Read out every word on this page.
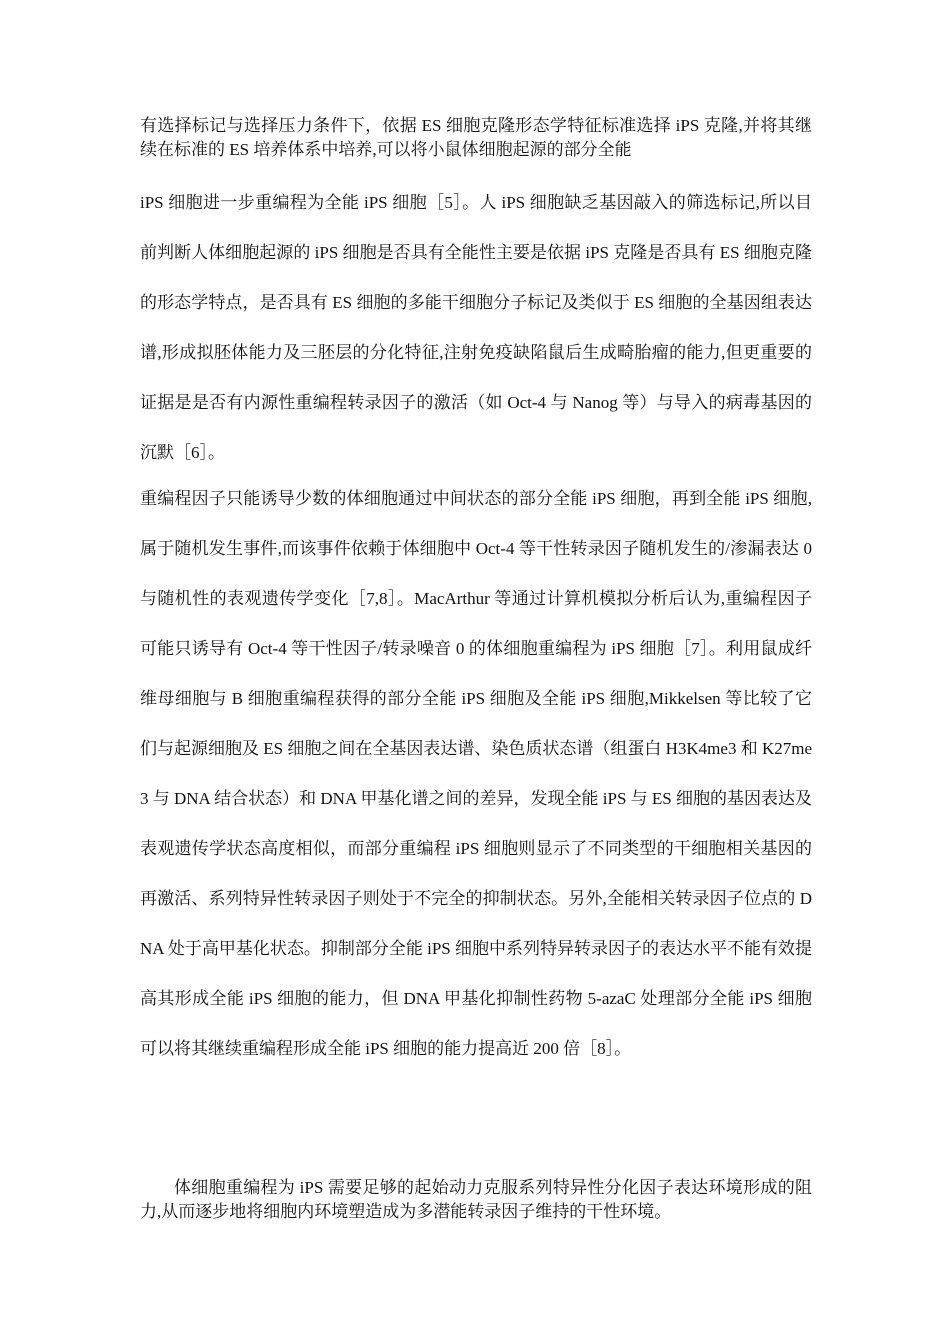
有选择标记与选择压力条件下，依据 ES 细胞克隆形态学特征标准选择 iPS 克隆,并将其继续在标准的 ES 培养体系中培养,可以将小鼠体细胞起源的部分全能

iPS 细胞进一步重编程为全能 iPS 细胞［5］。人 iPS 细胞缺乏基因敲入的筛选标记,所以目前判断人体细胞起源的 iPS 细胞是否具有全能性主要是依据 iPS 克隆是否具有 ES 细胞克隆的形态学特点，是否具有 ES 细胞的多能干细胞分子标记及类似于 ES 细胞的全基因组表达谱,形成拟胚体能力及三胚层的分化特征,注射免疫缺陷鼠后生成畸胎瘤的能力,但更重要的证据是是否有内源性重编程转录因子的激活（如 Oct-4 与 Nanog 等）与导入的病毒基因的沉默［6］。

重编程因子只能诱导少数的体细胞通过中间状态的部分全能 iPS 细胞，再到全能 iPS 细胞,属于随机发生事件,而该事件依赖于体细胞中 Oct-4 等干性转录因子随机发生的/渗漏表达 0 与随机性的表观遗传学变化［7,8］。MacArthur 等通过计算机模拟分析后认为,重编程因子可能只诱导有 Oct-4 等干性因子/转录噪音 0 的体细胞重编程为 iPS 细胞［7］。利用鼠成纤维母细胞与 B 细胞重编程获得的部分全能 iPS 细胞及全能 iPS 细胞,Mikkelsen 等比较了它们与起源细胞及 ES 细胞之间在全基因表达谱、染色质状态谱（组蛋白 H3K4me3 和 K27me3 与 DNA 结合状态）和 DNA 甲基化谱之间的差异，发现全能 iPS 与 ES 细胞的基因表达及表观遗传学状态高度相似，而部分重编程 iPS 细胞则显示了不同类型的干细胞相关基因的再激活、系列特异性转录因子则处于不完全的抑制状态。另外,全能相关转录因子位点的 DNA 处于高甲基化状态。抑制部分全能 iPS 细胞中系列特异转录因子的表达水平不能有效提高其形成全能 iPS 细胞的能力，但 DNA 甲基化抑制性药物 5-azaC 处理部分全能 iPS 细胞可以将其继续重编程形成全能 iPS 细胞的能力提高近 200 倍［8］。

体细胞重编程为 iPS 需要足够的起始动力克服系列特异性分化因子表达环境形成的阻力,从而逐步地将细胞内环境塑造成为多潜能转录因子维持的干性环境。
